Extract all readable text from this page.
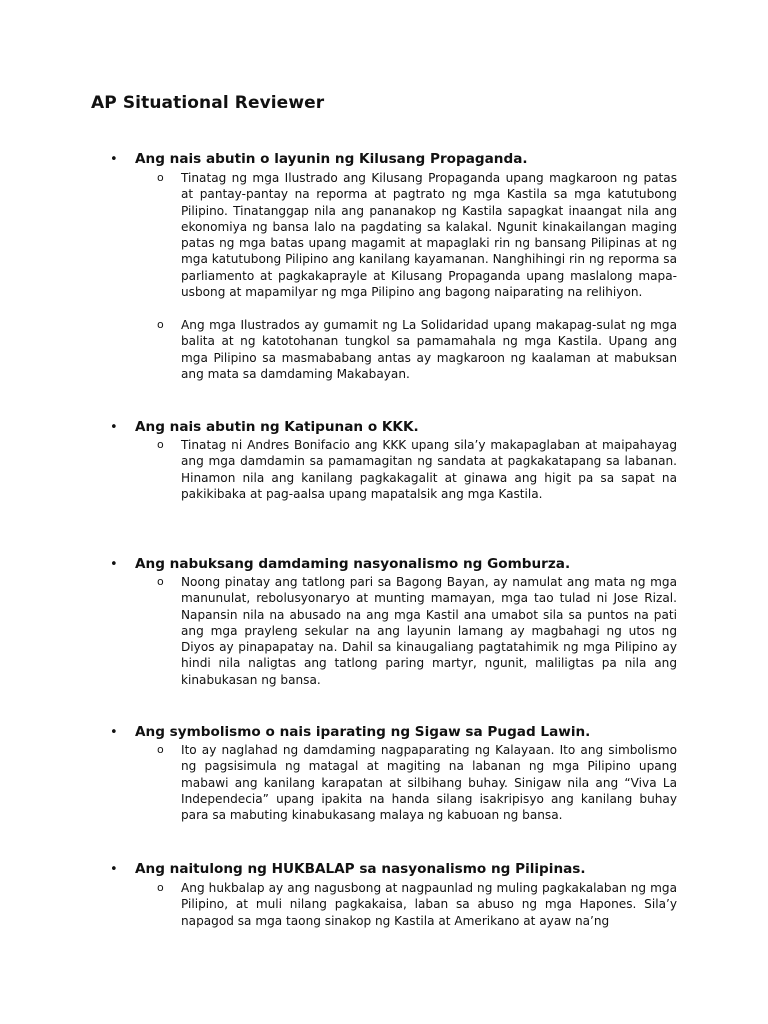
AP Situational Reviewer
• Ang nais abutin o layunin ng Kilusang Propaganda.
o Tinatag ng mga Ilustrado ang Kilusang Propaganda upang magkaroon ng patas at pantay-pantay na reporma at pagtrato ng mga Kastila sa mga katutubong Pilipino. Tinatanggap nila ang pananakop ng Kastila sapagkat inaangat nila ang ekonomiya ng bansa lalo na pagdating sa kalakal. Ngunit kinakailangan maging patas ng mga batas upang magamit at mapaglaki rin ng bansang Pilipinas at ng mga katutubong Pilipino ang kanilang kayamanan. Nanghihingi rin ng reporma sa parliamento at pagkakaprayle at Kilusang Propaganda upang maslalong mapa-usbong at mapamilyar ng mga Pilipino ang bagong naiparating na relihiyon.

o Ang mga Ilustrados ay gumamit ng La Solidaridad upang makapag-sulat ng mga balita at ng katotohanan tungkol sa pamamahala ng mga Kastila. Upang ang mga Pilipino sa masmababang antas ay magkaroon ng kaalaman at mabuksan ang mata sa damdaming Makabayan.

• Ang nais abutin ng Katipunan o KKK.
o Tinatag ni Andres Bonifacio ang KKK upang sila’y makapaglaban at maipahayag ang mga damdamin sa pamamagitan ng sandata at pagkakatapang sa labanan. Hinamon nila ang kanilang pagkakagalit at ginawa ang higit pa sa sapat na pakikibaka at pag-aalsa upang mapatalsik ang mga Kastila.

• Ang nabuksang damdaming nasyonalismo ng Gomburza.
o Noong pinatay ang tatlong pari sa Bagong Bayan, ay namulat ang mata ng mga manunulat, rebolusyonaryo at munting mamayan, mga tao tulad ni Jose Rizal. Napansin nila na abusado na ang mga Kastil ana umabot sila sa puntos na pati ang mga prayleng sekular na ang layunin lamang ay magbahagi ng utos ng Diyos ay pinapapatay na. Dahil sa kinaugaliang pagtatahimik ng mga Pilipino ay hindi nila naligtas ang tatlong paring martyr, ngunit, maliligtas pa nila ang kinabukasan ng bansa.

• Ang symbolismo o nais iparating ng Sigaw sa Pugad Lawin.
o Ito ay naglahad ng damdaming nagpaparating ng Kalayaan. Ito ang simbolismo ng pagsisimula ng matagal at magiting na labanan ng mga Pilipino upang mabawi ang kanilang karapatan at silbihang buhay. Sinigaw nila ang “Viva La Independecia” upang ipakita na handa silang isakripisyo ang kanilang buhay para sa mabuting kinabukasang malaya ng kabuoan ng bansa.

• Ang naitulong ng HUKBALAP sa nasyonalismo ng Pilipinas.
o Ang hukbalap ay ang nagusbong at nagpaunlad ng muling pagkakalaban ng mga Pilipino, at muli nilang pagkakaisa, laban sa abuso ng mga Hapones. Sila’y napagod sa mga taong sinakop ng Kastila at Amerikano at ayaw na’ng
